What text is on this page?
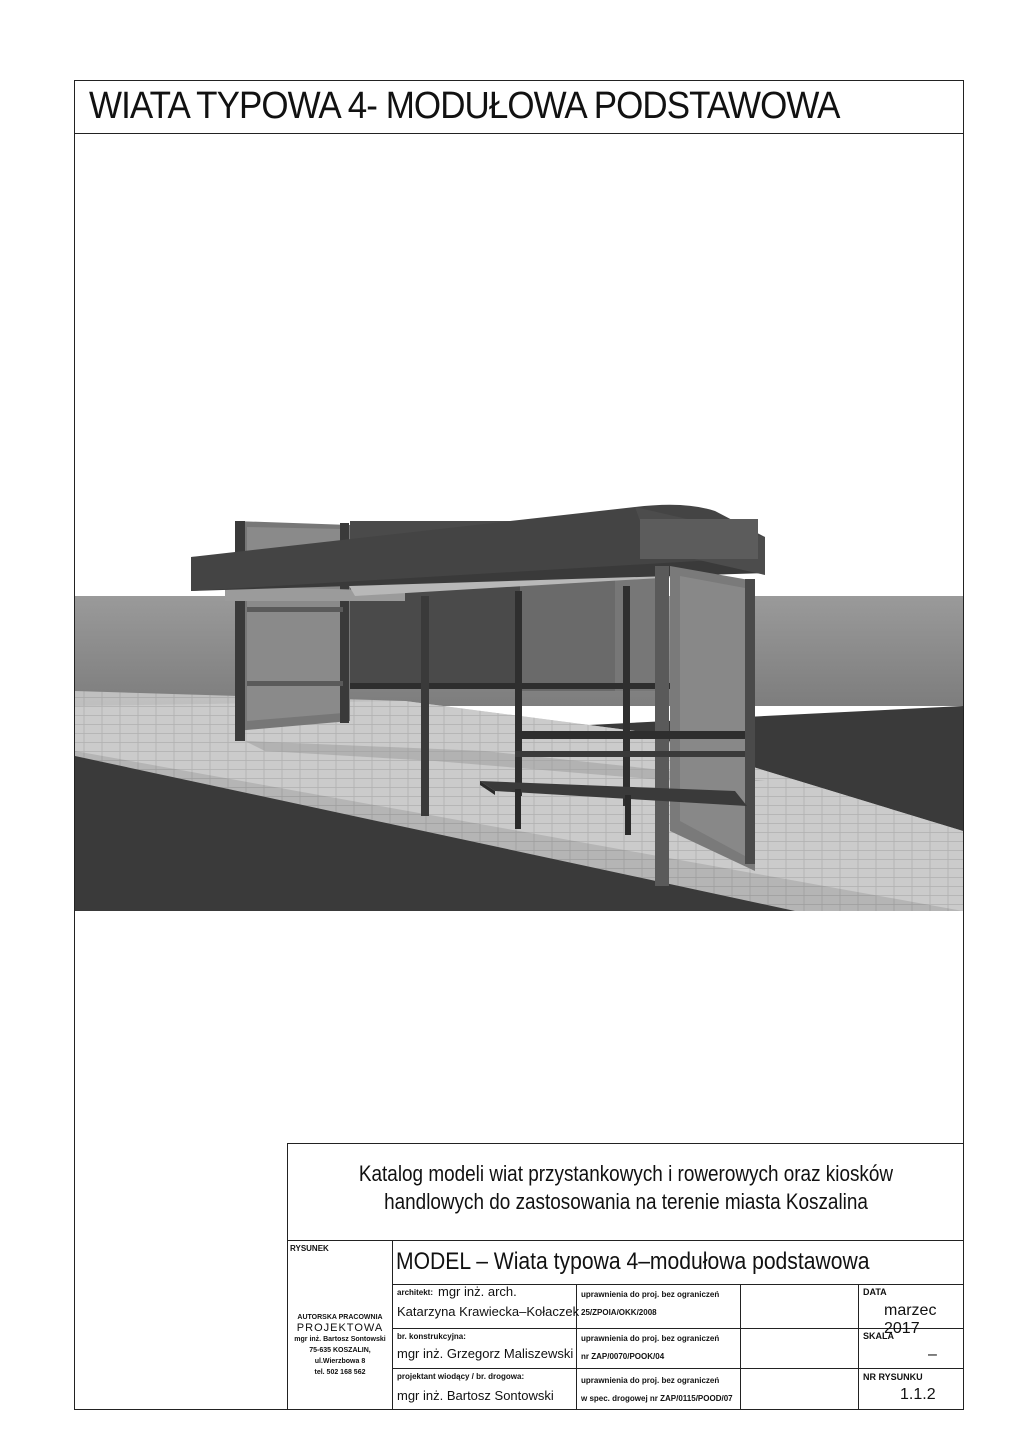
WIATA TYPOWA 4- MODUŁOWA PODSTAWOWA
Katalog modeli wiat przystankowych i rowerowych oraz kiosków
handlowych do zastosowania na terenie miasta Koszalina
RYSUNEK	MODEL – Wiata typowa 4–modułowa podstawowa
AUTORSKA PRACOWNIA
PROJEKTOWA
mgr inż. Bartosz Sontowski
75-635 KOSZALIN, ul.Wierzbowa 8
tel. 502 168 562
architekt: mgr inż. arch.
Katarzyna Krawiecka–Kołaczek
uprawnienia do proj. bez ograniczeń
25/ZPOIA/OKK/2008
br. konstrukcyjna:
mgr inż. Grzegorz Maliszewski
uprawnienia do proj. bez ograniczeń
nr ZAP/0070/POOK/04
projektant wiodący / br. drogowa:
mgr inż. Bartosz Sontowski
uprawnienia do proj. bez ograniczeń
w spec. drogowej nr ZAP/0115/POOD/07
DATA
marzec 2017
SKALA
–
NR RYSUNKU
1.1.2
